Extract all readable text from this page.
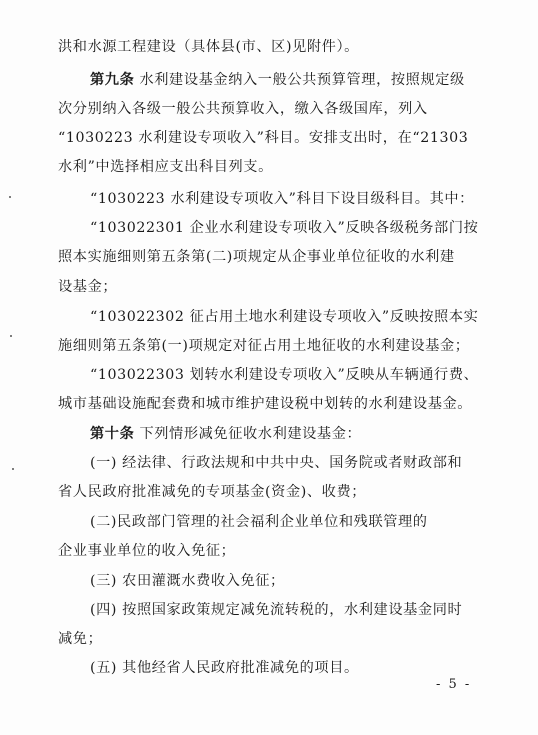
洪和水源工程建设（具体县(市、区)见附件）。
第九条 水利建设基金纳入一般公共预算管理，按照规定级
次分别纳入各级一般公共预算收入，缴入各级国库，列入
“1030223 水利建设专项收入”科目。安排支出时，在“21303
水利”中选择相应支出科目列支。
“1030223 水利建设专项收入”科目下设目级科目。其中：
“103022301 企业水利建设专项收入”反映各级税务部门按
照本实施细则第五条第(二)项规定从企事业单位征收的水利建
设基金；
“103022302 征占用土地水利建设专项收入”反映按照本实
施细则第五条第(一)项规定对征占用土地征收的水利建设基金；
“103022303 划转水利建设专项收入”反映从车辆通行费、
城市基础设施配套费和城市维护建设税中划转的水利建设基金。
第十条 下列情形减免征收水利建设基金：
(一) 经法律、行政法规和中共中央、国务院或者财政部和
省人民政府批准减免的专项基金(资金)、收费；
(二)民政部门管理的社会福利企业单位和残联管理的
企业事业单位的收入免征；
(三) 农田灌溉水费收入免征；
(四) 按照国家政策规定减免流转税的，水利建设基金同时
减免；
(五) 其他经省人民政府批准减免的项目。
- 5 -
